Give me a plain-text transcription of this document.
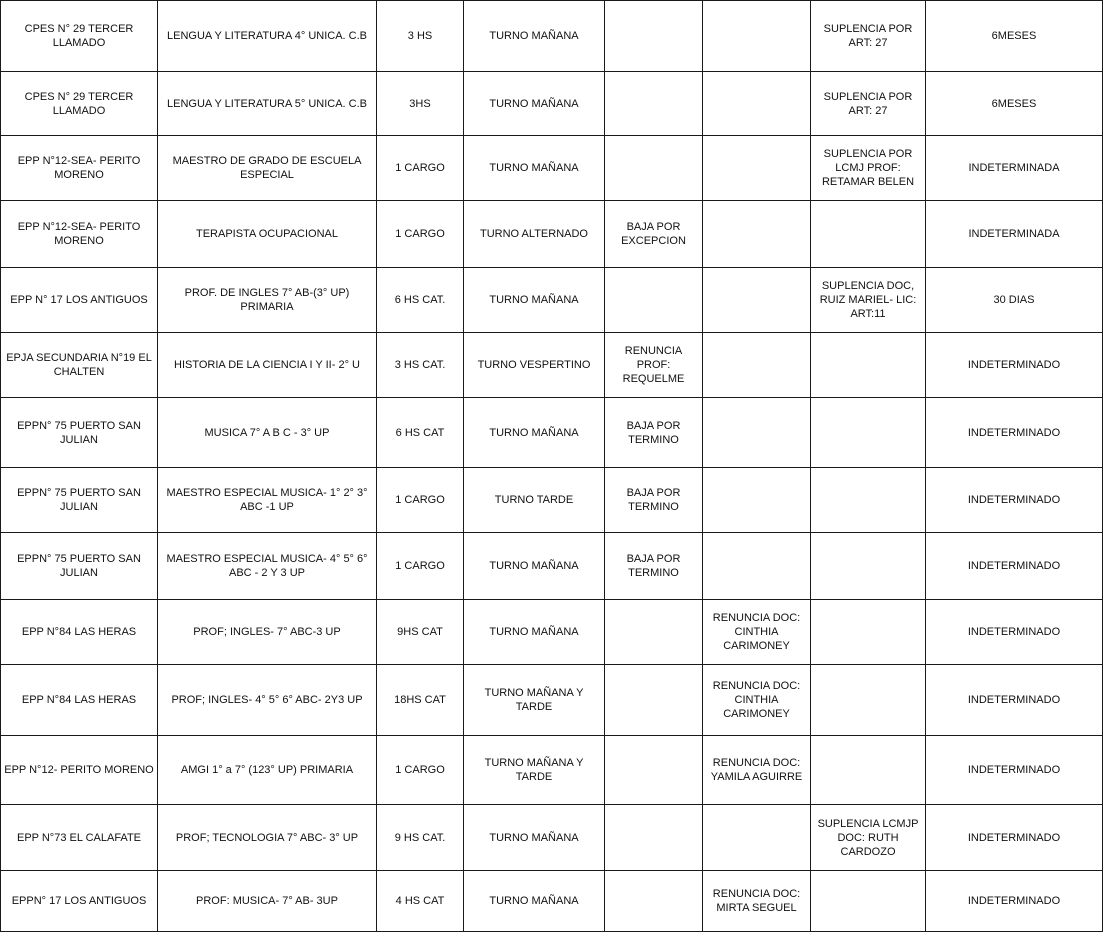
CPES N° 29 TERCER LLAMADO	LENGUA Y LITERATURA 4° UNICA. C.B	3 HS	TURNO MAÑANA			SUPLENCIA POR ART: 27	6MESES
CPES N° 29 TERCER LLAMADO	LENGUA Y LITERATURA 5° UNICA. C.B	3HS	TURNO MAÑANA			SUPLENCIA POR ART: 27	6MESES
EPP N°12-SEA- PERITO MORENO	MAESTRO DE GRADO DE ESCUELA ESPECIAL	1 CARGO	TURNO MAÑANA			SUPLENCIA POR LCMJ PROF: RETAMAR BELEN	INDETERMINADA
EPP N°12-SEA- PERITO MORENO	TERAPISTA OCUPACIONAL	1 CARGO	TURNO ALTERNADO	BAJA POR EXCEPCION			INDETERMINADA
EPP N° 17 LOS ANTIGUOS	PROF. DE INGLES 7° AB-(3° UP) PRIMARIA	6 HS CAT.	TURNO MAÑANA			SUPLENCIA DOC, RUIZ MARIEL- LIC: ART:11	30 DIAS
EPJA SECUNDARIA N°19 EL CHALTEN	HISTORIA DE LA CIENCIA I Y II- 2° U	3 HS CAT.	TURNO VESPERTINO	RENUNCIA PROF: REQUELME			INDETERMINADO
EPPN° 75 PUERTO SAN JULIAN	MUSICA 7° A B C - 3° UP	6 HS CAT	TURNO MAÑANA	BAJA POR TERMINO			INDETERMINADO
EPPN° 75 PUERTO SAN JULIAN	MAESTRO ESPECIAL MUSICA- 1° 2° 3° ABC -1 UP	1 CARGO	TURNO TARDE	BAJA POR TERMINO			INDETERMINADO
EPPN° 75 PUERTO SAN JULIAN	MAESTRO ESPECIAL MUSICA- 4° 5° 6° ABC - 2 Y 3 UP	1 CARGO	TURNO MAÑANA	BAJA POR TERMINO			INDETERMINADO
EPP N°84 LAS HERAS	PROF; INGLES- 7° ABC-3 UP	9HS CAT	TURNO MAÑANA		RENUNCIA DOC: CINTHIA CARIMONEY		INDETERMINADO
EPP N°84 LAS HERAS	PROF; INGLES- 4° 5° 6° ABC- 2Y3 UP	18HS CAT	TURNO MAÑANA Y TARDE		RENUNCIA DOC: CINTHIA CARIMONEY		INDETERMINADO
EPP N°12- PERITO MORENO	AMGI 1° a 7° (123° UP) PRIMARIA	1 CARGO	TURNO MAÑANA Y TARDE		RENUNCIA DOC: YAMILA AGUIRRE		INDETERMINADO
EPP N°73 EL CALAFATE	PROF; TECNOLOGIA 7° ABC- 3° UP	9 HS CAT.	TURNO MAÑANA			SUPLENCIA LCMJP DOC: RUTH CARDOZO	INDETERMINADO
EPPN° 17 LOS ANTIGUOS	PROF: MUSICA- 7° AB- 3UP	4 HS CAT	TURNO MAÑANA		RENUNCIA DOC: MIRTA SEGUEL		INDETERMINADO
